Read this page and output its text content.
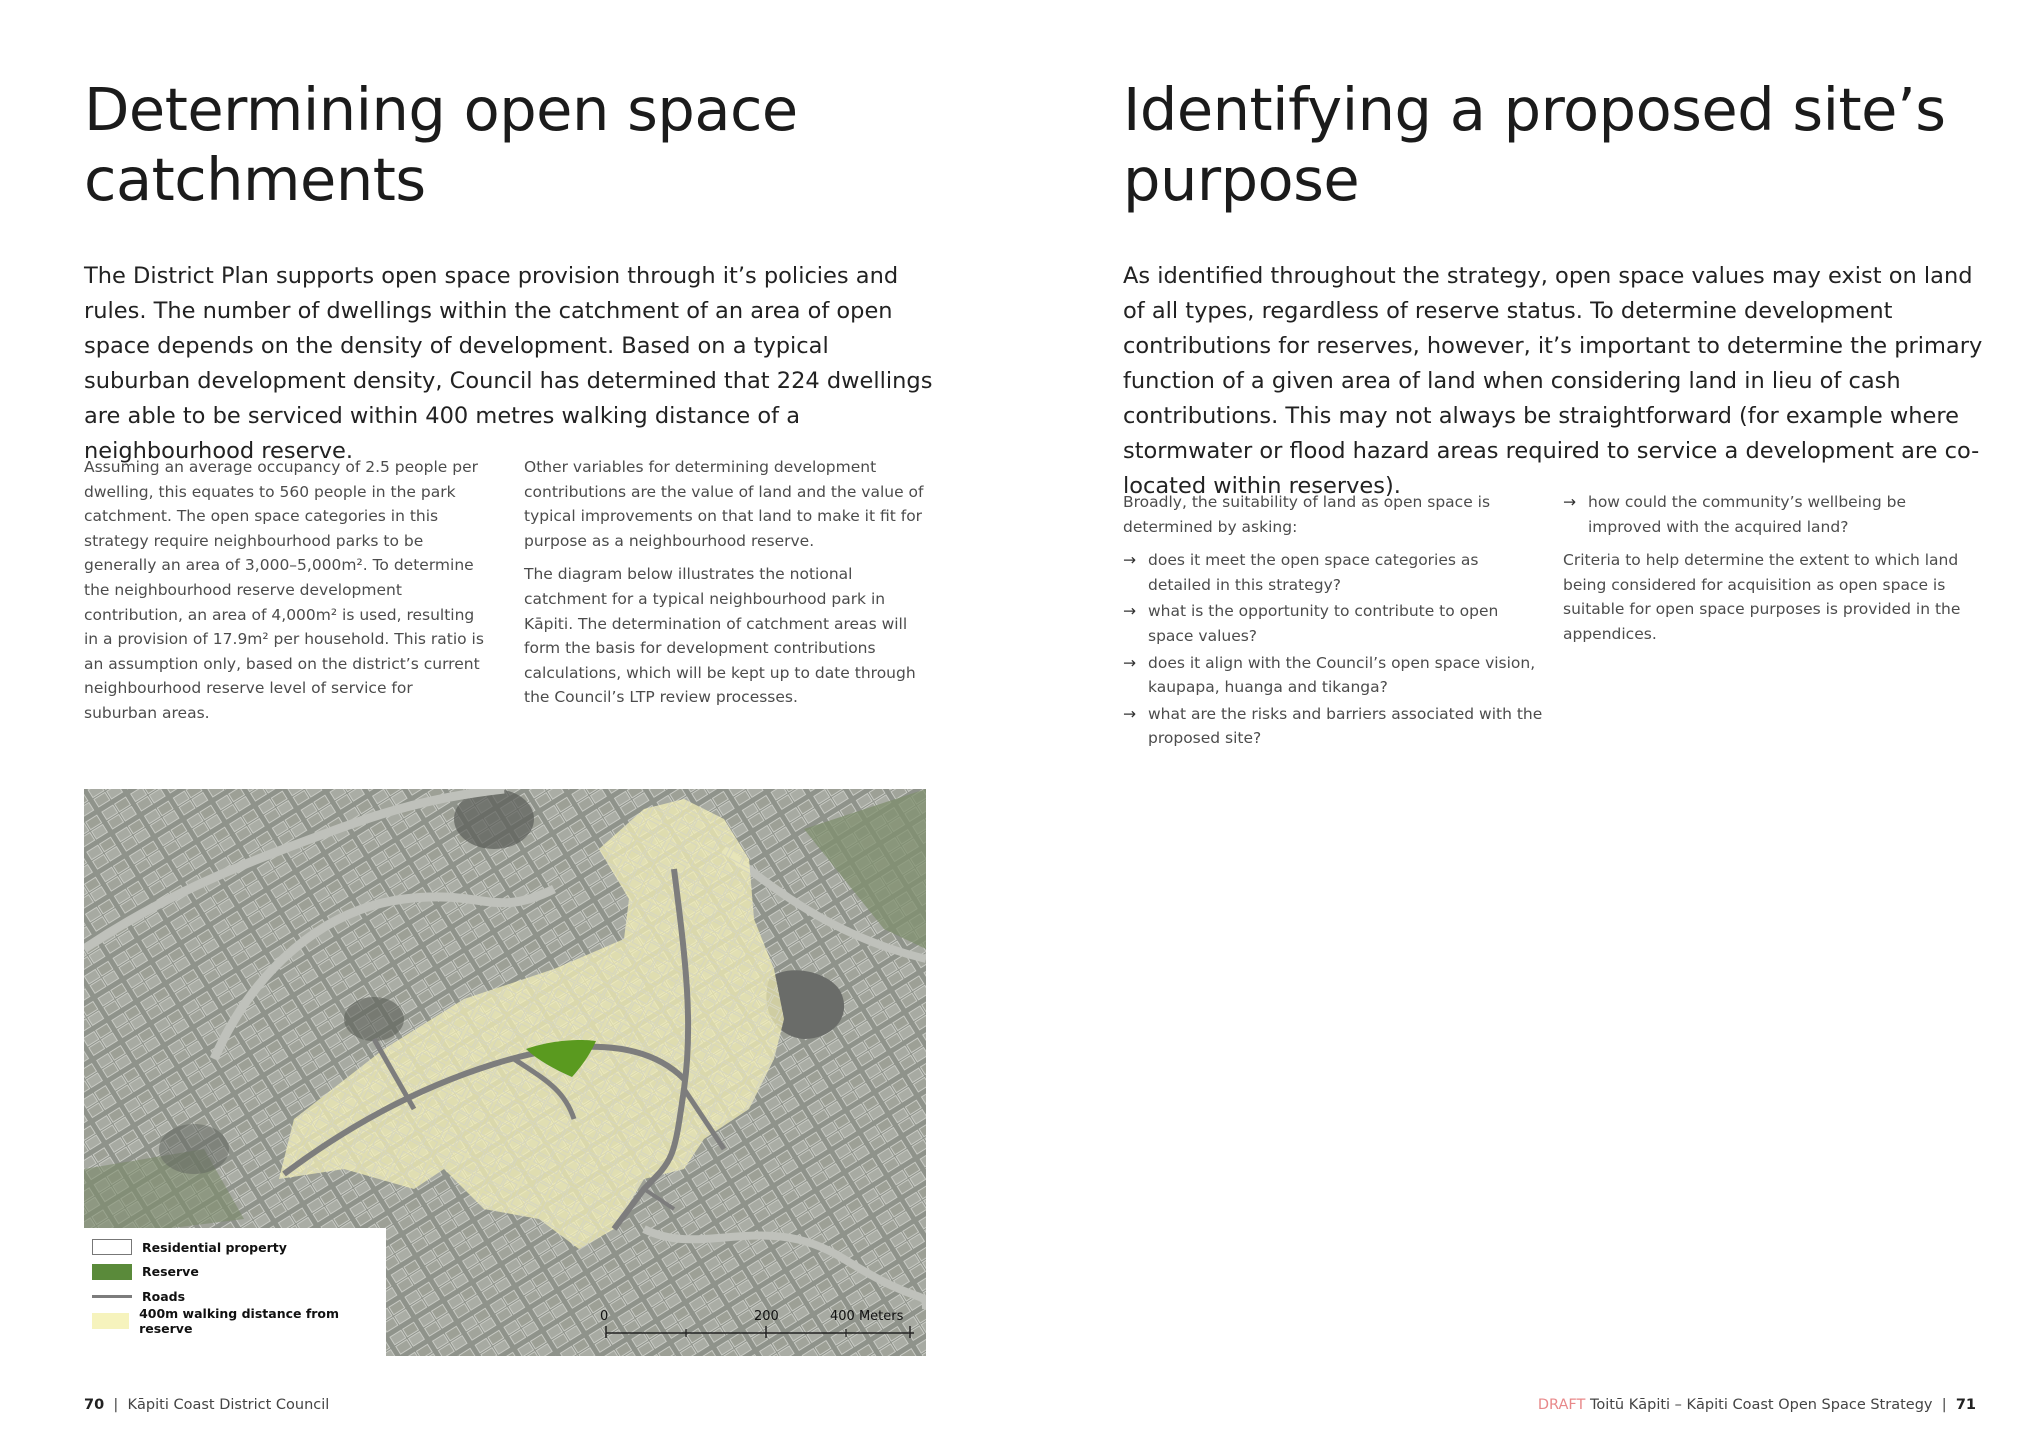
Determining open space
catchments

The District Plan supports open space provision through it’s policies and rules. The number of dwellings within the catchment of an area of open space depends on the density of development. Based on a typical suburban development density, Council has determined that 224 dwellings are able to be serviced within 400 metres walking distance of a neighbourhood reserve.

Assuming an average occupancy of 2.5 people per dwelling, this equates to 560 people in the park catchment. The open space categories in this strategy require neighbourhood parks to be generally an area of 3,000–5,000m². To determine the neighbourhood reserve development contribution, an area of 4,000m² is used, resulting in a provision of 17.9m² per household. This ratio is an assumption only, based on the district’s current neighbourhood reserve level of service for suburban areas.

Other variables for determining development contributions are the value of land and the value of typical improvements on that land to make it fit for purpose as a neighbourhood reserve.

The diagram below illustrates the notional catchment for a typical neighbourhood park in Kāpiti. The determination of catchment areas will form the basis for development contributions calculations, which will be kept up to date through the Council’s LTP review processes.

Residential property
Reserve
Roads
400m walking distance from reserve
0	200	400 Meters
70 | Kāpiti Coast District Council
Identifying a proposed site’s
purpose

As identified throughout the strategy, open space values may exist on land of all types, regardless of reserve status. To determine development contributions for reserves, however, it’s important to determine the primary function of a given area of land when considering land in lieu of cash contributions. This may not always be straightforward (for example where stormwater or flood hazard areas required to service a development are co-located within reserves).

Broadly, the suitability of land as open space is determined by asking:

→ does it meet the open space categories as detailed in this strategy?
→ what is the opportunity to contribute to open space values?
→ does it align with the Council’s open space vision, kaupapa, huanga and tikanga?
→ what are the risks and barriers associated with the proposed site?
→ how could the community’s wellbeing be improved with the acquired land?

Criteria to help determine the extent to which land being considered for acquisition as open space is suitable for open space purposes is provided in the appendices.

DRAFT Toitū Kāpiti – Kāpiti Coast Open Space Strategy | 71
